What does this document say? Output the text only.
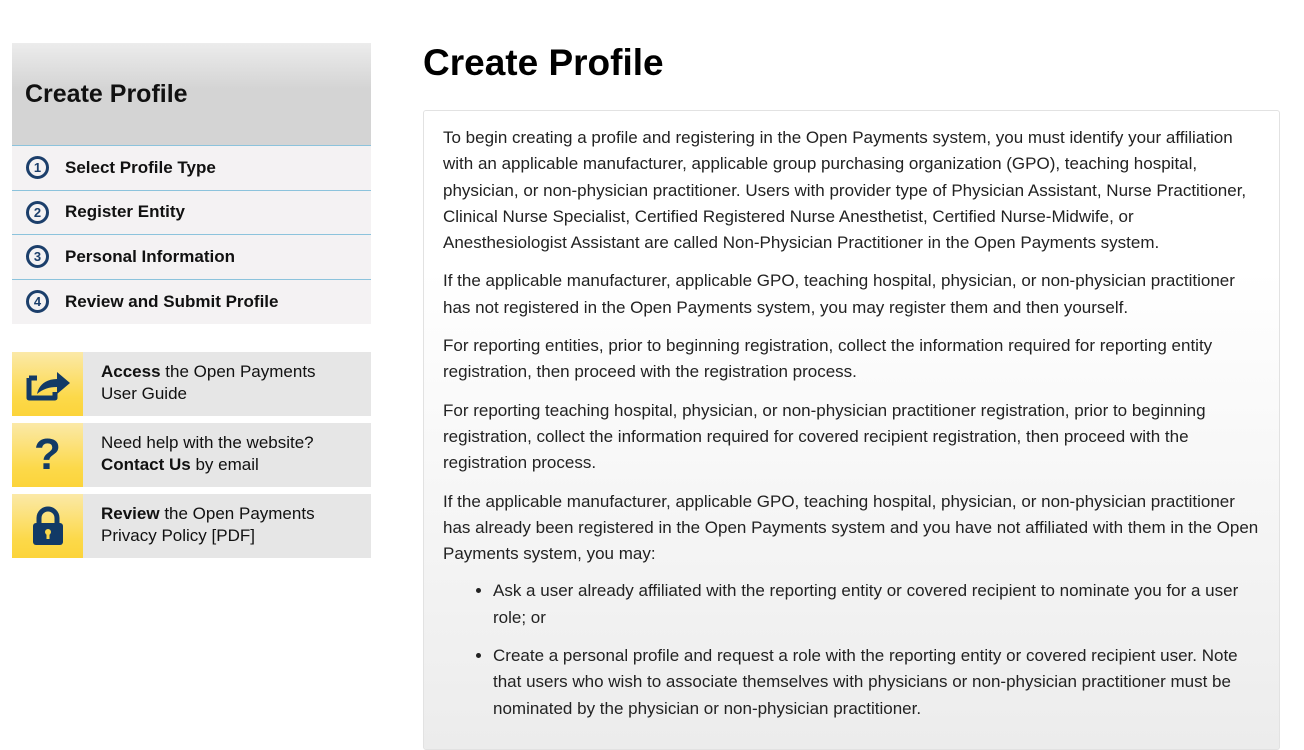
Create Profile
1	Select Profile Type
2	Register Entity
3	Personal Information
4	Review and Submit Profile
Access the Open Payments
User Guide
?	Need help with the website?
Contact Us by email
Review the Open Payments
Privacy Policy [PDF]
Create Profile

To begin creating a profile and registering in the Open Payments system, you must identify your affiliation with an applicable manufacturer, applicable group purchasing organization (GPO), teaching hospital, physician, or non-physician practitioner. Users with provider type of Physician Assistant, Nurse Practitioner, Clinical Nurse Specialist, Certified Registered Nurse Anesthetist, Certified Nurse-Midwife, or Anesthesiologist Assistant are called Non-Physician Practitioner in the Open Payments system.

If the applicable manufacturer, applicable GPO, teaching hospital, physician, or non-physician practitioner has not registered in the Open Payments system, you may register them and then yourself.

For reporting entities, prior to beginning registration, collect the information required for reporting entity registration, then proceed with the registration process.

For reporting teaching hospital, physician, or non-physician practitioner registration, prior to beginning registration, collect the information required for covered recipient registration, then proceed with the registration process.

If the applicable manufacturer, applicable GPO, teaching hospital, physician, or non-physician practitioner has already been registered in the Open Payments system and you have not affiliated with them in the Open Payments system, you may:

• Ask a user already affiliated with the reporting entity or covered recipient to nominate you for a user role; or
• Create a personal profile and request a role with the reporting entity or covered recipient user. Note that users who wish to associate themselves with physicians or non-physician practitioner must be nominated by the physician or non-physician practitioner.
